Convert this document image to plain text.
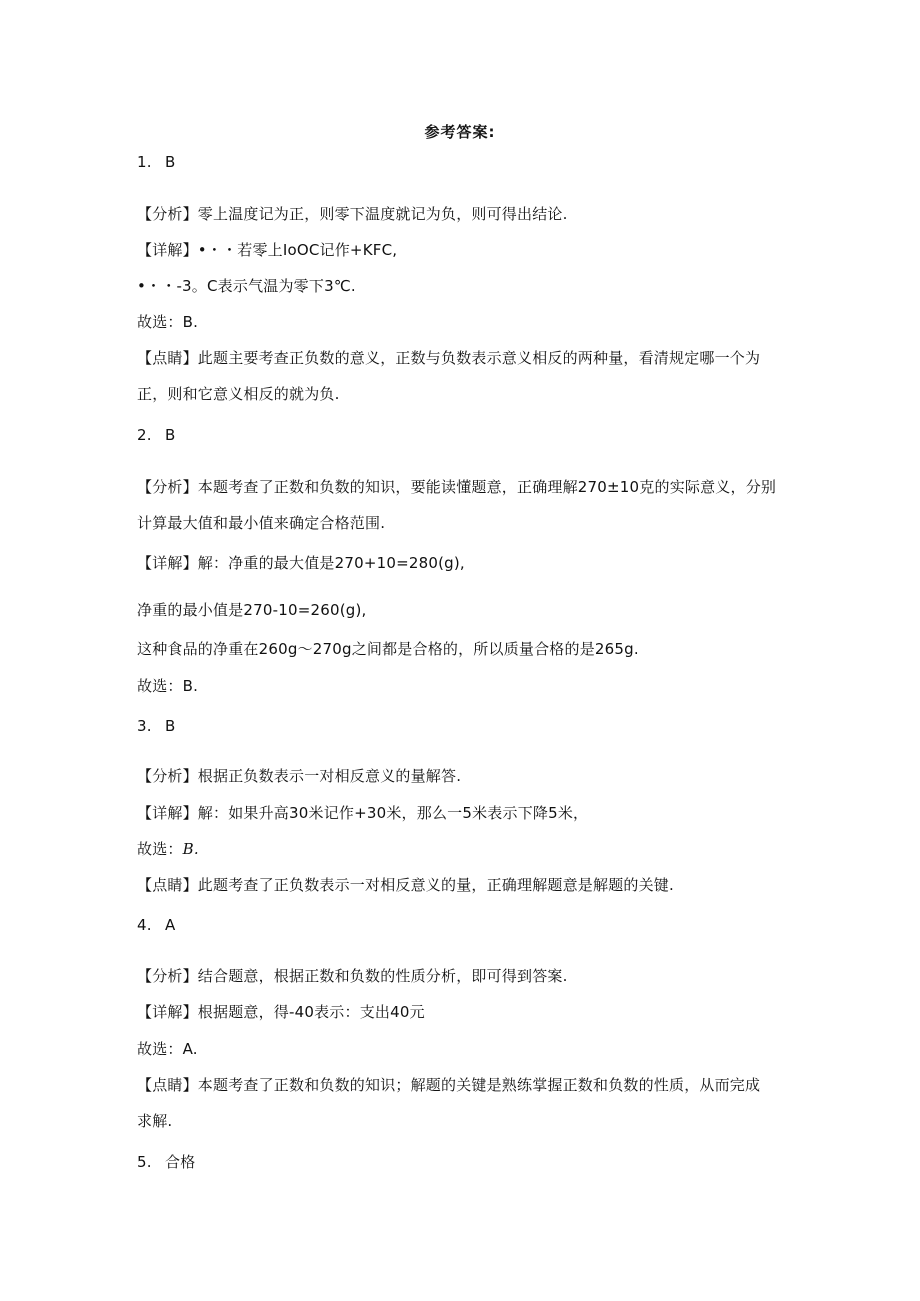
参考答案:
1. B
【分析】零上温度记为正，则零下温度就记为负，则可得出结论.
【详解】•・・若零上IoOC记作+KFC,
•・・-3。C表示气温为零下3℃.
故选：B.
【点睛】此题主要考查正负数的意义，正数与负数表示意义相反的两种量，看清规定哪一个为
正，则和它意义相反的就为负.
2. B
【分析】本题考查了正数和负数的知识，要能读懂题意，正确理解270±10克的实际意义，分别
计算最大值和最小值来确定合格范围.
【详解】解：净重的最大值是270+10=280(g),
净重的最小值是270-10=260(g),
这种食品的净重在260g～270g之间都是合格的，所以质量合格的是265g.
故选：B.
3. B
【分析】根据正负数表示一对相反意义的量解答.
【详解】解：如果升高30米记作+30米，那么一5米表示下降5米，
故选：B.
【点睛】此题考查了正负数表示一对相反意义的量，正确理解题意是解题的关键.
4. A
【分析】结合题意，根据正数和负数的性质分析，即可得到答案.
【详解】根据题意，得-40表示：支出40元
故选：A.
【点睛】本题考查了正数和负数的知识；解题的关键是熟练掌握正数和负数的性质，从而完成
求解.
5. 合格
